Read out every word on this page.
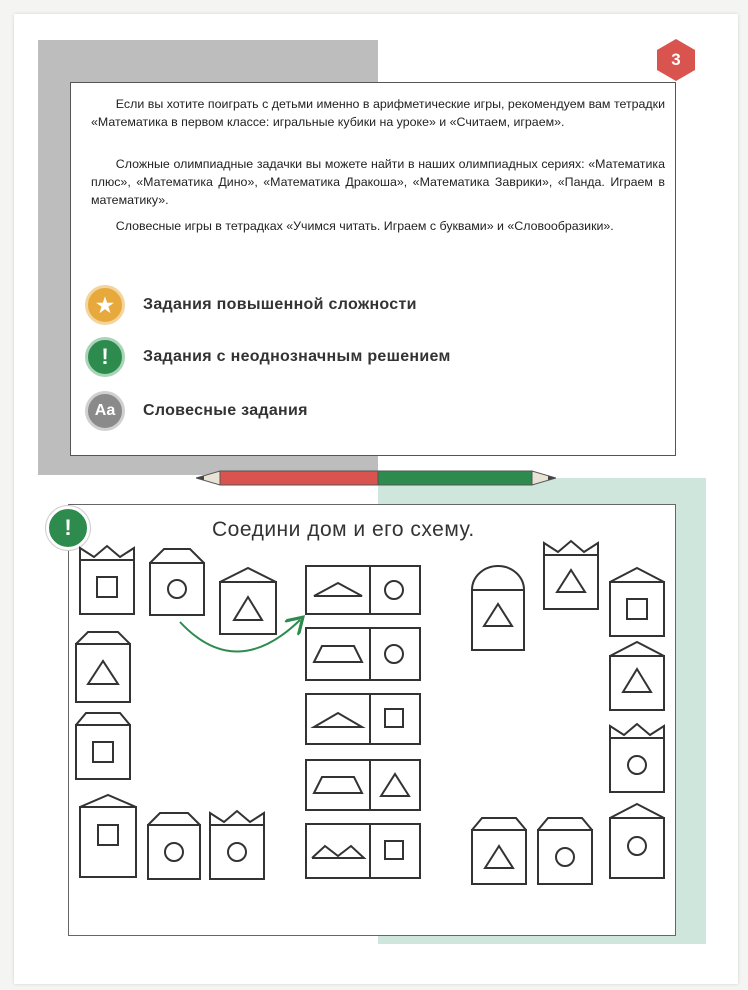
3
Если вы хотите поиграть с детьми именно в арифметические игры, рекомендуем вам тетрадки «Математика в первом классе: игральные кубики на уроке» и «Считаем, играем».
Сложные олимпиадные задачки вы можете найти в наших олимпиадных сериях: «Математика плюс», «Математика Дино», «Математика Дракоша», «Математика Заврики», «Панда. Играем в математику».
Словесные игры в тетрадках «Учимся читать. Играем с буквами» и «Словообразики».
★	Задания повышенной сложности
!	Задания с неоднозначным решением
Aa	Словесные задания
!	Соедини дом и его схему.
